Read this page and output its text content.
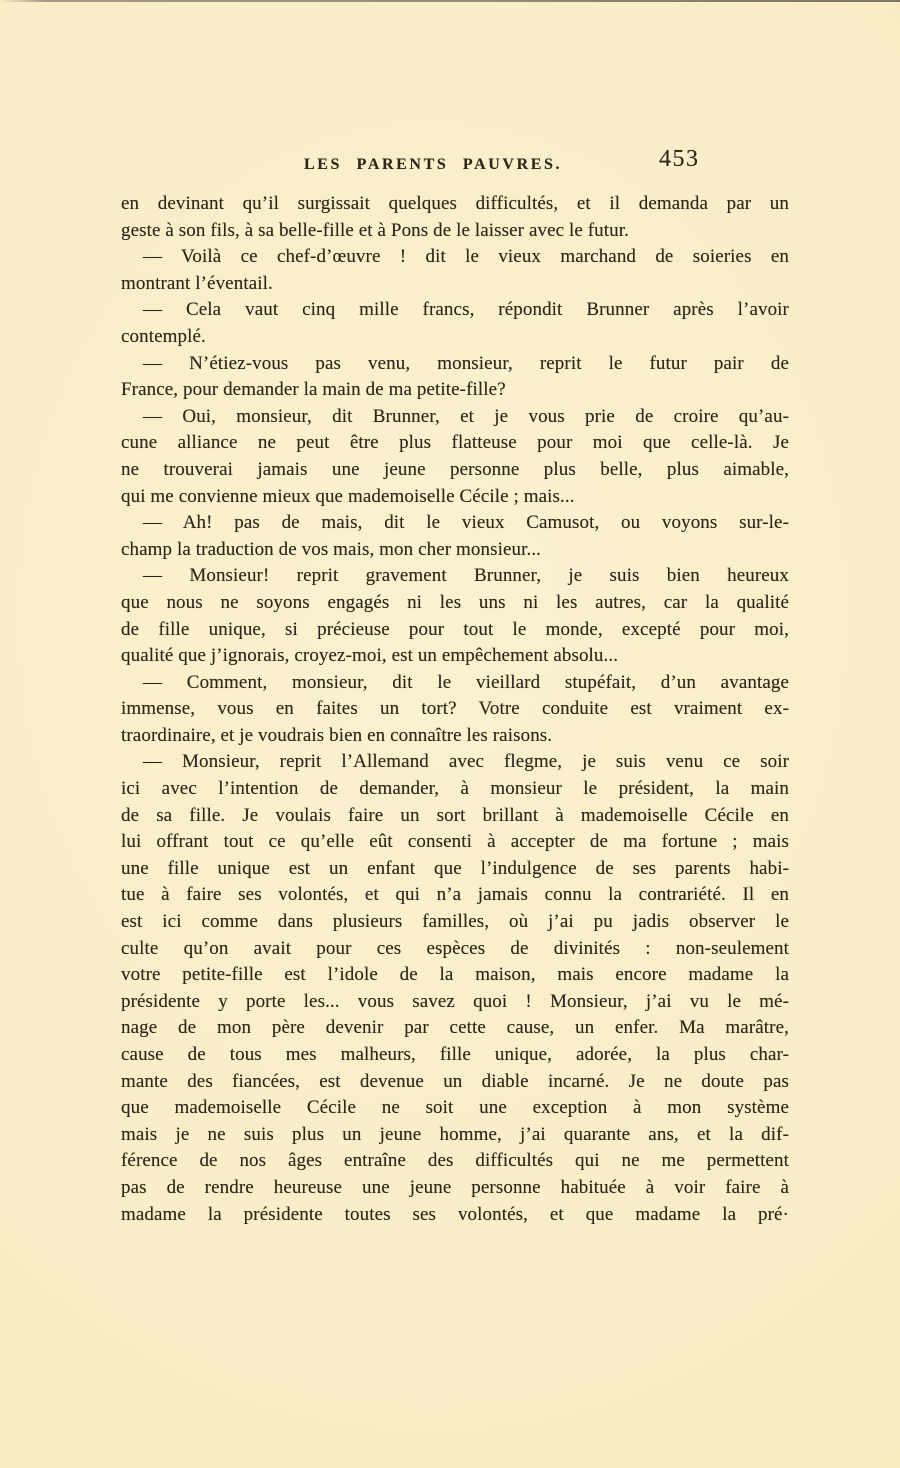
LES PARENTS PAUVRES.	453
en devinant qu’il surgissait quelques difficultés, et il demanda par un
geste à son fils, à sa belle-fille et à Pons de le laisser avec le futur.
— Voilà ce chef-d’œuvre ! dit le vieux marchand de soieries en
montrant l’éventail.
— Cela vaut cinq mille francs, répondit Brunner après l’avoir
contemplé.
— N’étiez-vous pas venu, monsieur, reprit le futur pair de
France, pour demander la main de ma petite-fille?
— Oui, monsieur, dit Brunner, et je vous prie de croire qu’au-
cune alliance ne peut être plus flatteuse pour moi que celle-là. Je
ne trouverai jamais une jeune personne plus belle, plus aimable,
qui me convienne mieux que mademoiselle Cécile ; mais...
— Ah! pas de mais, dit le vieux Camusot, ou voyons sur-le-
champ la traduction de vos mais, mon cher monsieur...
— Monsieur! reprit gravement Brunner, je suis bien heureux
que nous ne soyons engagés ni les uns ni les autres, car la qualité
de fille unique, si précieuse pour tout le monde, excepté pour moi,
qualité que j’ignorais, croyez-moi, est un empêchement absolu...
— Comment, monsieur, dit le vieillard stupéfait, d’un avantage
immense, vous en faites un tort? Votre conduite est vraiment ex-
traordinaire, et je voudrais bien en connaître les raisons.
— Monsieur, reprit l’Allemand avec flegme, je suis venu ce soir
ici avec l’intention de demander, à monsieur le président, la main
de sa fille. Je voulais faire un sort brillant à mademoiselle Cécile en
lui offrant tout ce qu’elle eût consenti à accepter de ma fortune ; mais
une fille unique est un enfant que l’indulgence de ses parents habi-
tue à faire ses volontés, et qui n’a jamais connu la contrariété. Il en
est ici comme dans plusieurs familles, où j’ai pu jadis observer le
culte qu’on avait pour ces espèces de divinités : non-seulement
votre petite-fille est l’idole de la maison, mais encore madame la
présidente y porte les... vous savez quoi ! Monsieur, j’ai vu le mé-
nage de mon père devenir par cette cause, un enfer. Ma marâtre,
cause de tous mes malheurs, fille unique, adorée, la plus char-
mante des fiancées, est devenue un diable incarné. Je ne doute pas
que mademoiselle Cécile ne soit une exception à mon système
mais je ne suis plus un jeune homme, j’ai quarante ans, et la dif-
férence de nos âges entraîne des difficultés qui ne me permettent
pas de rendre heureuse une jeune personne habituée à voir faire à
madame la présidente toutes ses volontés, et que madame la pré·
